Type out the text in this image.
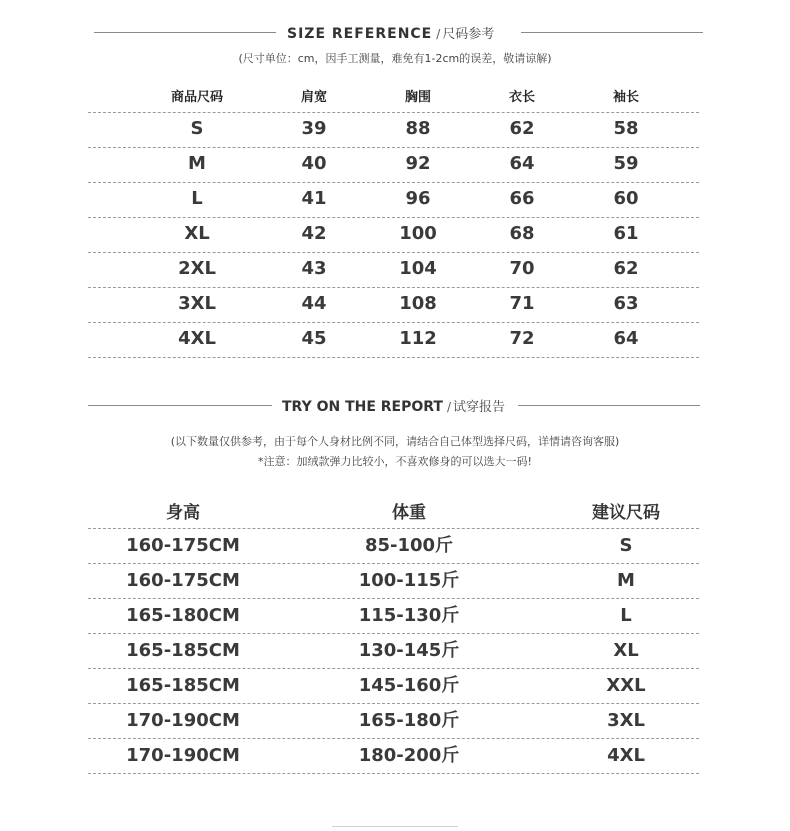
SIZE REFERENCE / 尺码参考
(尺寸单位：cm，因手工测量，难免有1-2cm的误差，敬请谅解)
商品尺码	肩宽	胸围	衣长	袖长
S	39	88	62	58
M	40	92	64	59
L	41	96	66	60
XL	42	100	68	61
2XL	43	104	70	62
3XL	44	108	71	63
4XL	45	112	72	64
TRY ON THE REPORT / 试穿报告
(以下数量仅供参考，由于每个人身材比例不同，请结合自己体型选择尺码，详情请咨询客服)
*注意：加绒款弹力比较小，不喜欢修身的可以选大一码!
身高	体重	建议尺码
160-175CM	85-100斤	S
160-175CM	100-115斤	M
165-180CM	115-130斤	L
165-185CM	130-145斤	XL
165-185CM	145-160斤	XXL
170-190CM	165-180斤	3XL
170-190CM	180-200斤	4XL
